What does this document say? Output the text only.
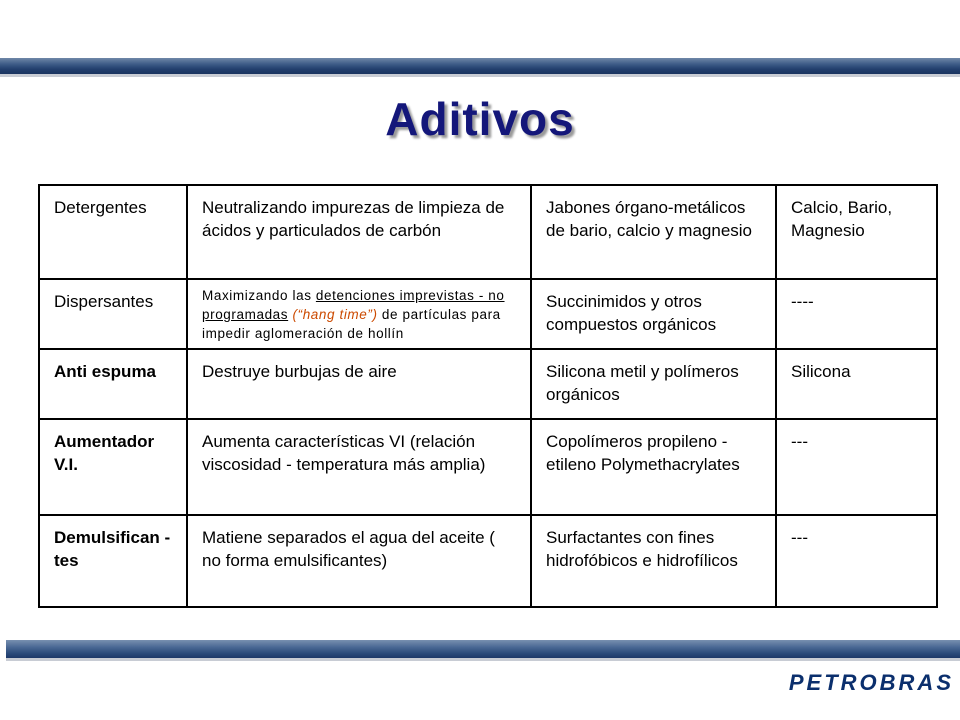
Aditivos
Detergentes	Neutralizando impurezas de limpieza de ácidos y particulados de carbón	Jabones órgano-metálicos de bario, calcio y magnesio	Calcio, Bario, Magnesio
Dispersantes	Maximizando las detenciones imprevistas - no programadas (“hang time”) de partículas para impedir aglomeración de hollín	Succinimidos y otros compuestos orgánicos	----
Anti espuma	Destruye burbujas de aire	Silicona metil y polímeros orgánicos	Silicona
Aumentador V.I.	Aumenta características VI (relación viscosidad - temperatura más amplia)	Copolímeros propileno - etileno Polymethacrylates	---
Demulsifican -tes	Matiene separados el agua del aceite ( no forma emulsificantes)	Surfactantes con fines hidrofóbicos e hidrofílicos	---
PETROBRAS
